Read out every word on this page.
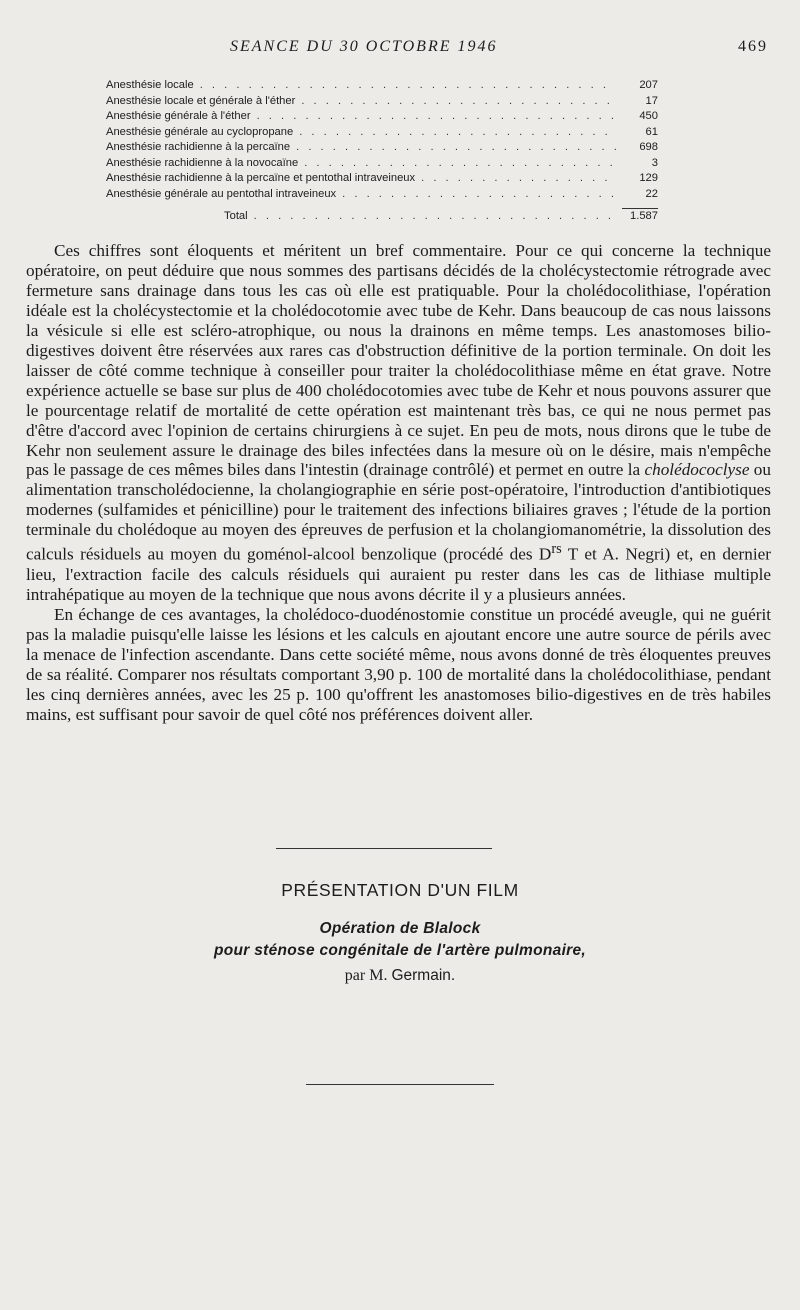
SEANCE DU 30 OCTOBRE 1946	469
Anesthésie locale . . .	207
Anesthésie locale et générale à l'éther . . .	17
Anesthésie générale à l'éther . . .	450
Anesthésie générale au cyclopropane . . .	61
Anesthésie rachidienne à la percaïne . . .	698
Anesthésie rachidienne à la novocaïne . . .	3
Anesthésie rachidienne à la percaïne et pentothal intraveineux . . .	129
Anesthésie générale au pentothal intraveineux . . .	22
Total . . .	1.587

Ces chiffres sont éloquents et méritent un bref commentaire. Pour ce qui concerne la technique opératoire, on peut déduire que nous sommes des partisans décidés de la cholécystectomie rétrograde avec fermeture sans drainage dans tous les cas où elle est pratiquable. Pour la cholédocolithiase, l'opération idéale est la cholécystectomie et la cholédocotomie avec tube de Kehr. Dans beaucoup de cas nous laissons la vésicule si elle est scléro-atrophique, ou nous la drainons en même temps. Les anastomoses bilio-digestives doivent être réservées aux rares cas d'obstruction définitive de la portion terminale. On doit les laisser de côté comme technique à conseiller pour traiter la cholédocolithiase même en état grave. Notre expérience actuelle se base sur plus de 400 cholédocotomies avec tube de Kehr et nous pouvons assurer que le pourcentage relatif de mortalité de cette opération est maintenant très bas, ce qui ne nous permet pas d'être d'accord avec l'opinion de certains chirurgiens à ce sujet. En peu de mots, nous dirons que le tube de Kehr non seulement assure le drainage des biles infectées dans la mesure où on le désire, mais n'empêche pas le passage de ces mêmes biles dans l'intestin (drainage contrôlé) et permet en outre la cholédococlyse ou alimentation transcholédocienne, la cholangiographie en série post-opératoire, l'introduction d'antibiotiques modernes (sulfamides et pénicilline) pour le traitement des infections biliaires graves ; l'étude de la portion terminale du cholédoque au moyen des épreuves de perfusion et la cholangiomanométrie, la dissolution des calculs résiduels au moyen du goménol-alcool benzolique (procédé des $D^{rs}$ T et A. Negri) et, en dernier lieu, l'extraction facile des calculs résiduels qui auraient pu rester dans les cas de lithiase multiple intrahépatique au moyen de la technique que nous avons décrite il y a plusieurs années.

En échange de ces avantages, la cholédoco-duodénostomie constitue un procédé aveugle, qui ne guérit pas la maladie puisqu'elle laisse les lésions et les calculs en ajoutant encore une autre source de périls avec la menace de l'infection ascendante. Dans cette société même, nous avons donné de très éloquentes preuves de sa réalité. Comparer nos résultats comportant 3,90 p. 100 de mortalité dans la cholédocolithiase, pendant les cinq dernières années, avec les 25 p. 100 qu'offrent les anastomoses bilio-digestives en de très habiles mains, est suffisant pour savoir de quel côté nos préférences doivent aller.

PRÉSENTATION D'UN FILM
Opération de Blalock
pour sténose congénitale de l'artère pulmonaire,
par M. Germain.
